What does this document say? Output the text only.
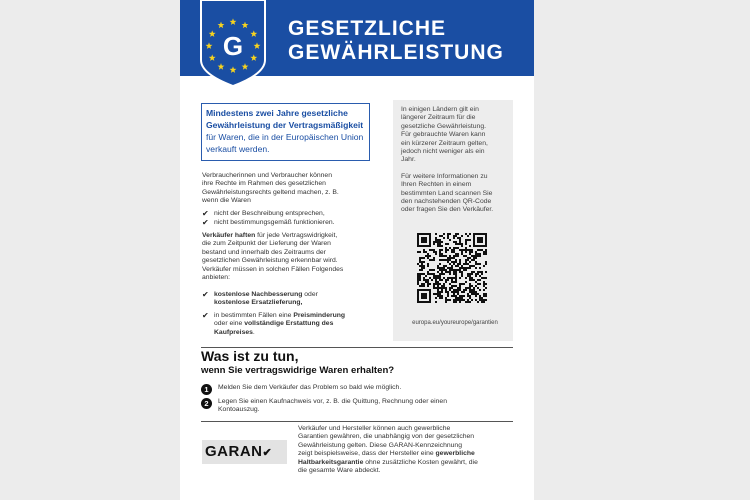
G
GESETZLICHE
GEWÄHRLEISTUNG
Mindestens zwei Jahre gesetzliche Gewährleistung der Vertragsmäßigkeit für Waren, die in der Europäischen Union verkauft werden.
Verbraucherinnen und Verbraucher können
ihre Rechte im Rahmen des gesetzlichen
Gewährleistungsrechts geltend machen, z. B.
wenn die Waren
✔ nicht der Beschreibung entsprechen,
✔ nicht bestimmungsgemäß funktionieren.
Verkäufer haften für jede Vertragswidrigkeit,
die zum Zeitpunkt der Lieferung der Waren
bestand und innerhalb des Zeitraums der
gesetzlichen Gewährleistung erkennbar wird.
Verkäufer müssen in solchen Fällen Folgendes
anbieten:
✔ kostenlose Nachbesserung oder
kostenlose Ersatzlieferung,
✔ in bestimmten Fällen eine Preisminderung
oder eine vollständige Erstattung des
Kaufpreises.
In einigen Ländern gilt ein
längerer Zeitraum für die
gesetzliche Gewährleistung.
Für gebrauchte Waren kann
ein kürzerer Zeitraum gelten,
jedoch nicht weniger als ein
Jahr.
Für weitere Informationen zu
Ihren Rechten in einem
bestimmten Land scannen Sie
den nachstehenden QR-Code
oder fragen Sie den Verkäufer.
europa.eu/youreurope/garantien
Was ist zu tun,
wenn Sie vertragswidrige Waren erhalten?
1	Melden Sie dem Verkäufer das Problem so bald wie möglich.
2	Legen Sie einen Kaufnachweis vor, z. B. die Quittung, Rechnung oder einen
Kontoauszug.
GARAN✔
Verkäufer und Hersteller können auch gewerbliche
Garantien gewähren, die unabhängig von der gesetzlichen
Gewährleistung gelten. Diese GARAN-Kennzeichnung
zeigt beispielsweise, dass der Hersteller eine gewerbliche
Haltbarkeitsgarantie ohne zusätzliche Kosten gewährt, die
die gesamte Ware abdeckt.
